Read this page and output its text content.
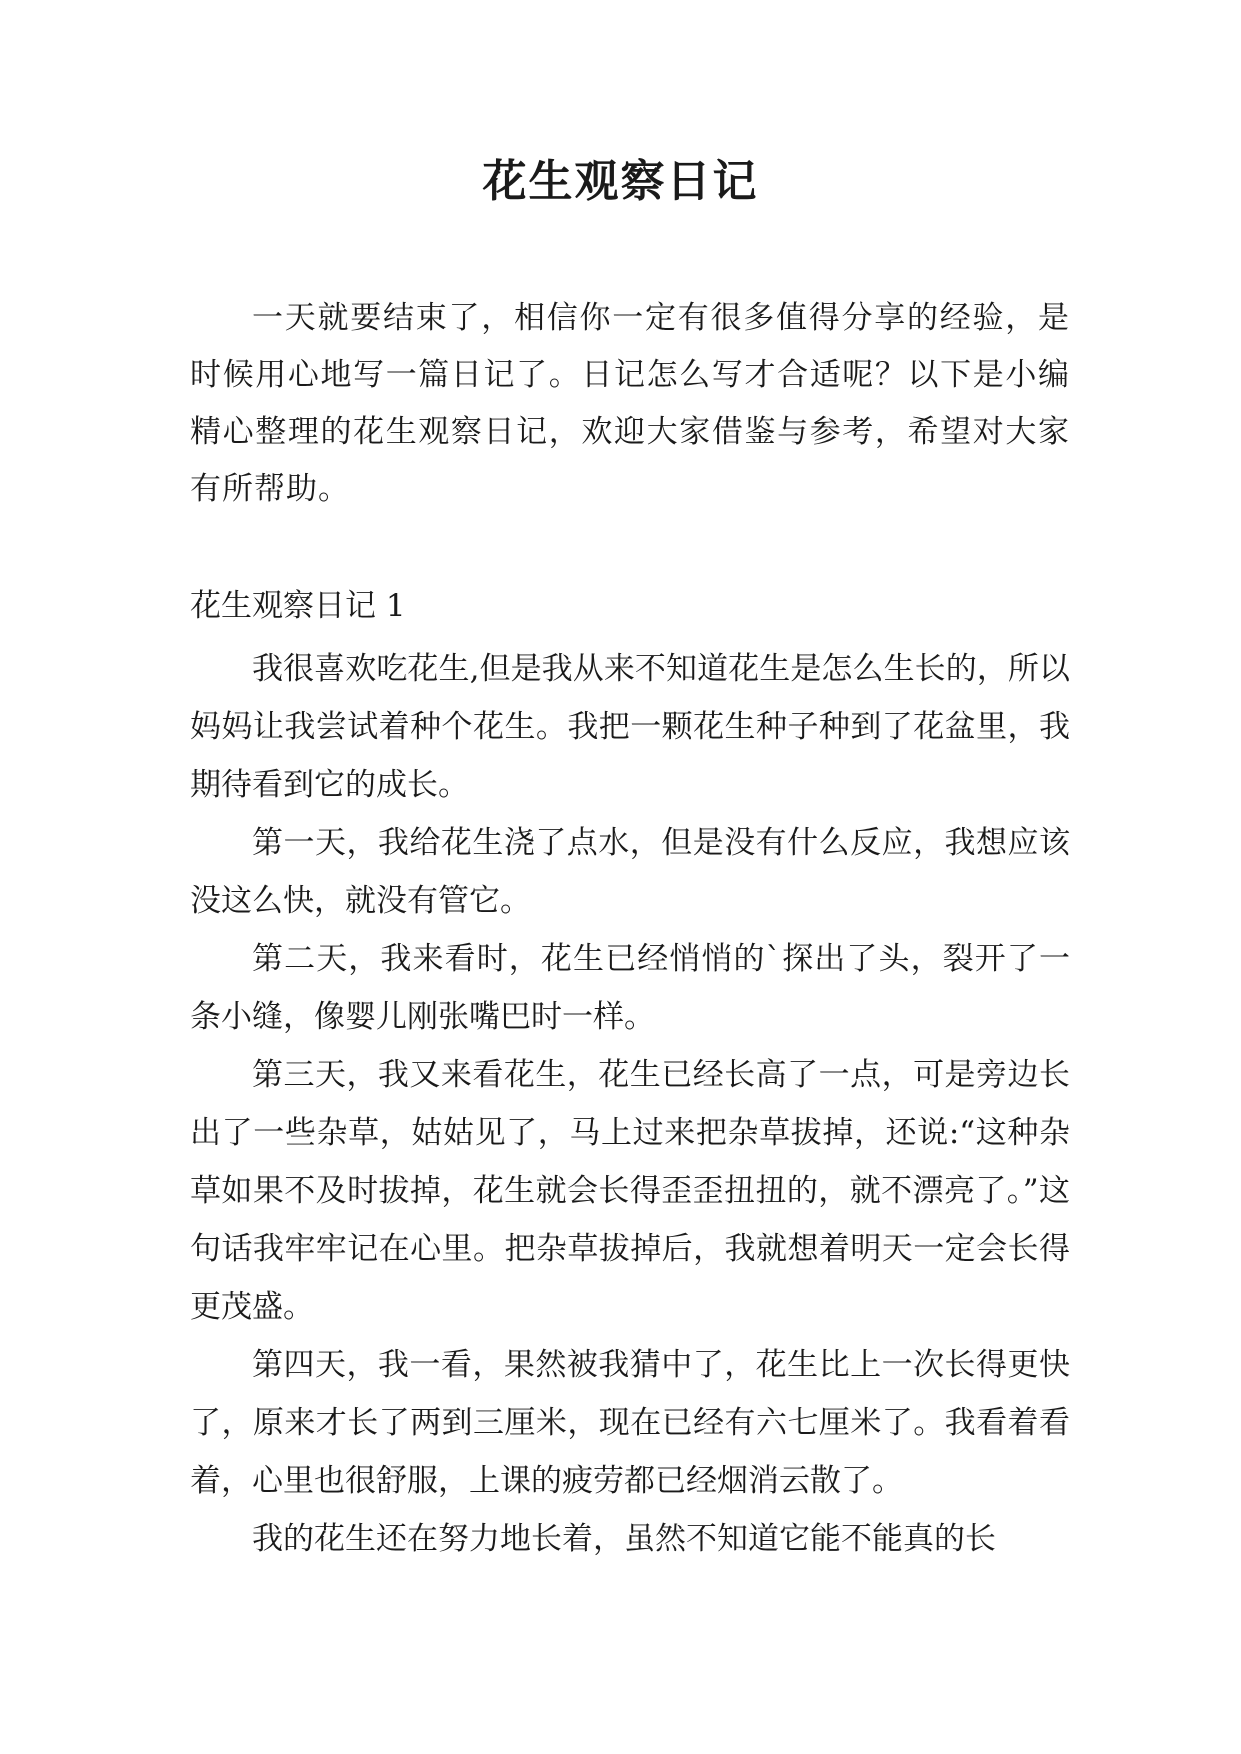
花生观察日记

一天就要结束了，相信你一定有很多值得分享的经验，是时候用心地写一篇日记了。日记怎么写才合适呢？以下是小编精心整理的花生观察日记，欢迎大家借鉴与参考，希望对大家有所帮助。

花生观察日记 1

我很喜欢吃花生,但是我从来不知道花生是怎么生长的，所以妈妈让我尝试着种个花生。我把一颗花生种子种到了花盆里，我期待看到它的成长。

第一天，我给花生浇了点水，但是没有什么反应，我想应该没这么快，就没有管它。

第二天，我来看时，花生已经悄悄的`探出了头，裂开了一条小缝，像婴儿刚张嘴巴时一样。

第三天，我又来看花生，花生已经长高了一点，可是旁边长出了一些杂草，姑姑见了，马上过来把杂草拔掉，还说:“这种杂草如果不及时拔掉，花生就会长得歪歪扭扭的，就不漂亮了。”这句话我牢牢记在心里。把杂草拔掉后，我就想着明天一定会长得更茂盛。

第四天，我一看，果然被我猜中了，花生比上一次长得更快了，原来才长了两到三厘米，现在已经有六七厘米了。我看着看着，心里也很舒服，上课的疲劳都已经烟消云散了。

我的花生还在努力地长着，虽然不知道它能不能真的长
